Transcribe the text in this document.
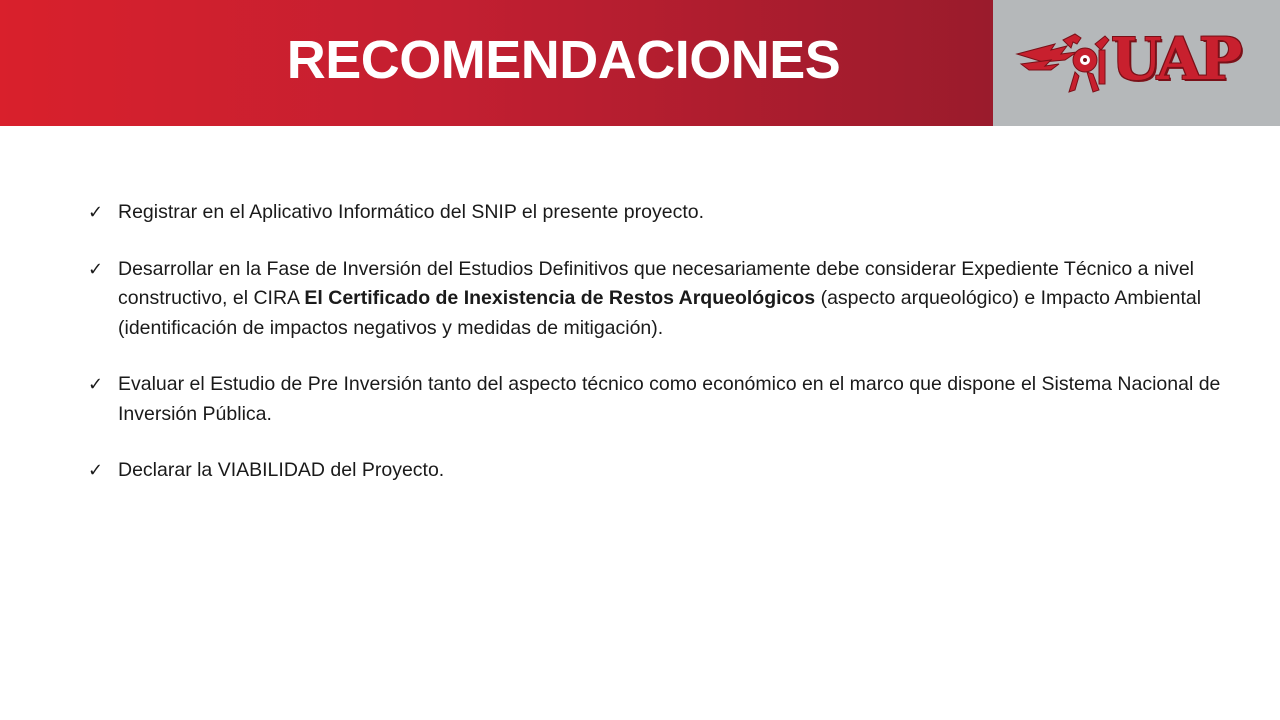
RECOMENDACIONES	UAP

✓ Registrar en el Aplicativo Informático del SNIP el presente proyecto.

✓ Desarrollar en la Fase de Inversión del Estudios Definitivos que necesariamente debe considerar Expediente Técnico a nivel constructivo, el CIRA El Certificado de Inexistencia de Restos Arqueológicos (aspecto arqueológico) e Impacto Ambiental (identificación de impactos negativos y medidas de mitigación).

✓ Evaluar el Estudio de Pre Inversión tanto del aspecto técnico como económico en el marco que dispone el Sistema Nacional de Inversión Pública.

✓ Declarar la VIABILIDAD del Proyecto.
